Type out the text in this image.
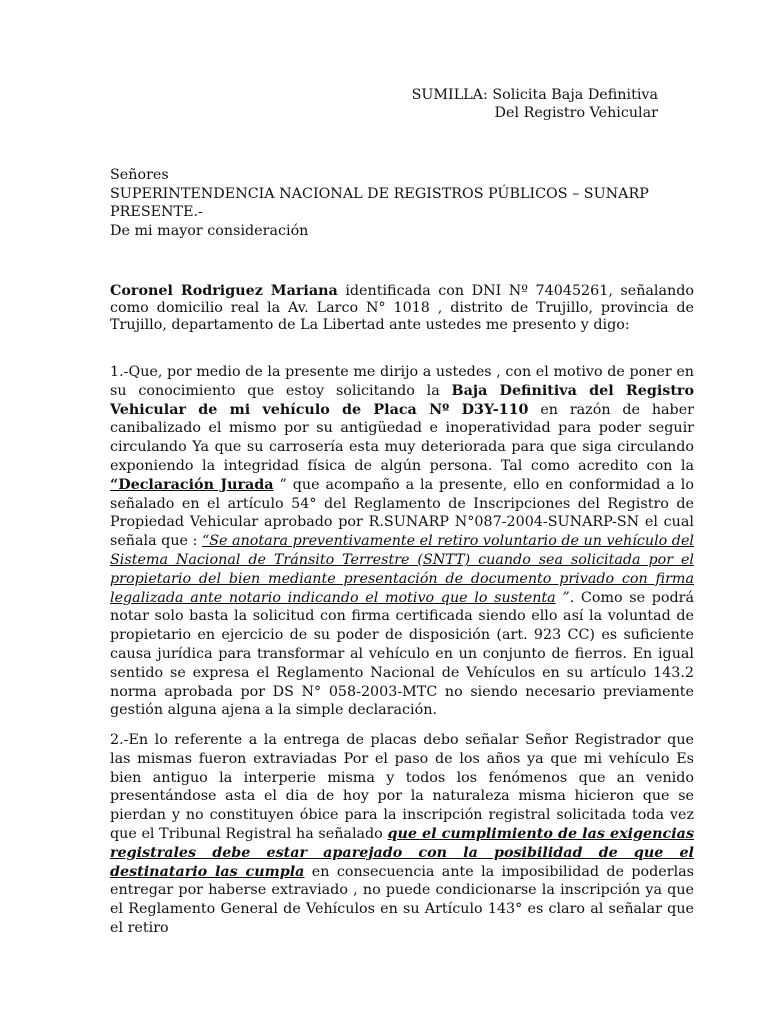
SUMILLA: Solicita Baja Definitiva
Del Registro Vehicular
Señores
SUPERINTENDENCIA NACIONAL DE REGISTROS PÚBLICOS – SUNARP
PRESENTE.-
De mi mayor consideración
Coronel Rodriguez Mariana identificada con DNI Nº 74045261, señalando como domicilio real la Av. Larco N° 1018 , distrito de Trujillo, provincia de Trujillo, departamento de La Libertad ante ustedes me presento y digo:
1.-Que, por medio de la presente me dirijo a ustedes , con el motivo de poner en su conocimiento que estoy solicitando la Baja Definitiva del Registro Vehicular de mi vehículo de Placa Nº D3Y-110 en razón de haber canibalizado el mismo por su antigüedad e inoperatividad para poder seguir circulando Ya que su carrosería esta muy deteriorada para que siga circulando exponiendo la integridad física de algún persona. Tal como acredito con la “Declaración Jurada ” que acompaño a la presente, ello en conformidad a lo señalado en el artículo 54° del Reglamento de Inscripciones del Registro de Propiedad Vehicular aprobado por R.SUNARP N°087-2004-SUNARP-SN el cual señala que : “Se anotara preventivamente el retiro voluntario de un vehículo del Sistema Nacional de Tránsito Terrestre (SNTT) cuando sea solicitada por el propietario del bien mediante presentación de documento privado con firma legalizada ante notario indicando el motivo que lo sustenta ”. Como se podrá notar solo basta la solicitud con firma certificada siendo ello así la voluntad de propietario en ejercicio de su poder de disposición (art. 923 CC) es suficiente causa jurídica para transformar al vehículo en un conjunto de fierros. En igual sentido se expresa el Reglamento Nacional de Vehículos en su artículo 143.2 norma aprobada por DS N° 058-2003-MTC no siendo necesario previamente gestión alguna ajena a la simple declaración.
2.-En lo referente a la entrega de placas debo señalar Señor Registrador que las mismas fueron extraviadas Por el paso de los años ya que mi vehículo Es bien antiguo la interperie misma y todos los fenómenos que an venido presentándose asta el dia de hoy por la naturaleza misma hicieron que se pierdan y no constituyen óbice para la inscripción registral solicitada toda vez que el Tribunal Registral ha señalado que el cumplimiento de las exigencias registrales debe estar aparejado con la posibilidad de que el destinatario las cumpla en consecuencia ante la imposibilidad de poderlas entregar por haberse extraviado , no puede condicionarse la inscripción ya que el Reglamento General de Vehículos en su Artículo 143° es claro al señalar que el retiro
